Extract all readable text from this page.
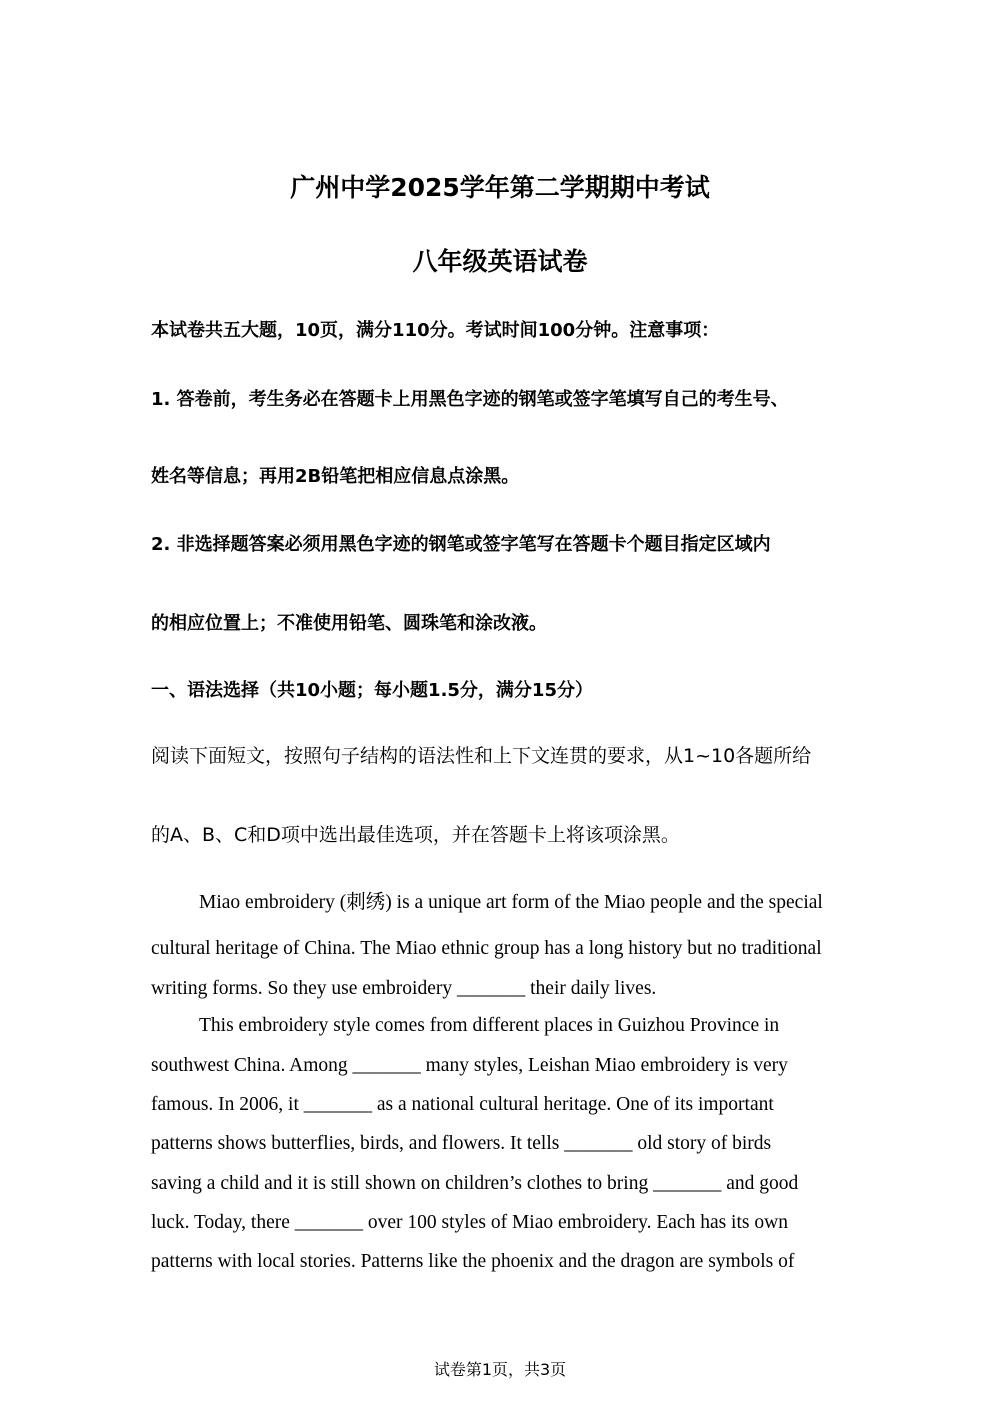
广州中学2025学年第二学期期中考试
八年级英语试卷
本试卷共五大题，10页，满分110分。考试时间100分钟。注意事项：
1. 答卷前，考生务必在答题卡上用黑色字迹的钢笔或签字笔填写自己的考生号、
姓名等信息；再用2B铅笔把相应信息点涂黑。
2. 非选择题答案必须用黑色字迹的钢笔或签字笔写在答题卡个题目指定区域内
的相应位置上；不准使用铅笔、圆珠笔和涂改液。
一、语法选择（共10小题；每小题1.5分，满分15分）
阅读下面短文，按照句子结构的语法性和上下文连贯的要求，从1~10各题所给
的A、B、C和D项中选出最佳选项，并在答题卡上将该项涂黑。
Miao embroidery (刺绣) is a unique art form of the Miao people and the special
cultural heritage of China. The Miao ethnic group has a long history but no traditional
writing forms. So they use embroidery _______ their daily lives.
This embroidery style comes from different places in Guizhou Province in
southwest China. Among _______ many styles, Leishan Miao embroidery is very
famous. In 2006, it _______ as a national cultural heritage. One of its important
patterns shows butterflies, birds, and flowers. It tells _______ old story of birds
saving a child and it is still shown on children’s clothes to bring _______ and good
luck. Today, there _______ over 100 styles of Miao embroidery. Each has its own
patterns with local stories. Patterns like the phoenix and the dragon are symbols of
试卷第1页，共3页
